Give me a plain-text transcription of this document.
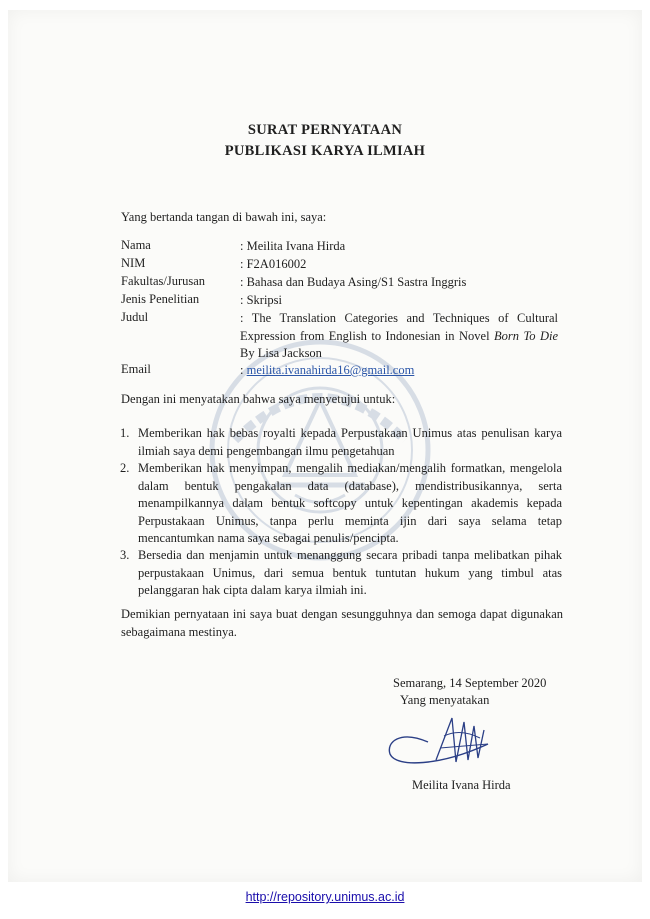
SURAT PERNYATAAN
PUBLIKASI KARYA ILMIAH
Yang bertanda tangan di bawah ini, saya:
Nama	: Meilita Ivana Hirda
NIM	: F2A016002
Fakultas/Jurusan	: Bahasa dan Budaya Asing/S1 Sastra Inggris
Jenis Penelitian	: Skripsi
Judul	: The Translation Categories and Techniques of Cultural Expression from English to Indonesian in Novel Born To Die By Lisa Jackson
Email	: meilita.ivanahirda16@gmail.com
Dengan ini menyatakan bahwa saya menyetujui untuk:
1. Memberikan hak bebas royalti kepada Perpustakaan Unimus atas penulisan karya ilmiah saya demi pengembangan ilmu pengetahuan
2. Memberikan hak menyimpan, mengalih mediakan/mengalih formatkan, mengelola dalam bentuk pengakalan data (database), mendistribusikannya, serta menampilkannya dalam bentuk softcopy untuk kepentingan akademis kepada Perpustakaan Unimus, tanpa perlu meminta ijin dari saya selama tetap mencantumkan nama saya sebagai penulis/pencipta.
3. Bersedia dan menjamin untuk menanggung secara pribadi tanpa melibatkan pihak perpustakaan Unimus, dari semua bentuk tuntutan hukum yang timbul atas pelanggaran hak cipta dalam karya ilmiah ini.
Demikian pernyataan ini saya buat dengan sesungguhnya dan semoga dapat digunakan sebagaimana mestinya.
Semarang, 14 September 2020
Yang menyatakan
Meilita Ivana Hirda
http://repository.unimus.ac.id
